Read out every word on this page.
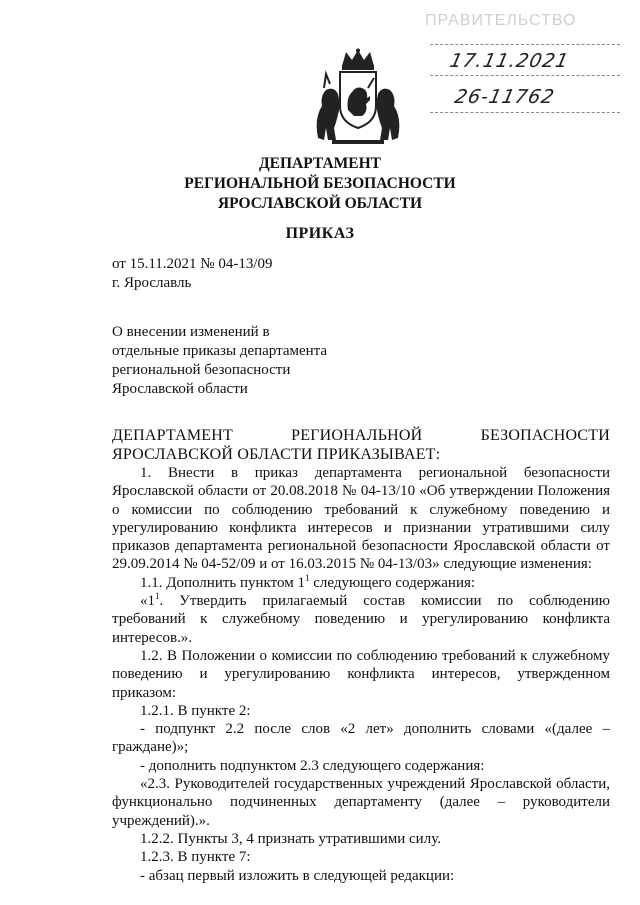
ПРАВИТЕЛЬСТВО
17.11.2021
26-11762
ДЕПАРТАМЕНТ
РЕГИОНАЛЬНОЙ БЕЗОПАСНОСТИ
ЯРОСЛАВСКОЙ ОБЛАСТИ
ПРИКАЗ
от 15.11.2021 № 04-13/09
г. Ярославль
О внесении изменений в
отдельные приказы департамента
региональной безопасности
Ярославской области

ДЕПАРТАМЕНТ РЕГИОНАЛЬНОЙ БЕЗОПАСНОСТИ ЯРОСЛАВСКОЙ ОБЛАСТИ ПРИКАЗЫВАЕТ:

1. Внести в приказ департамента региональной безопасности Ярославской области от 20.08.2018 № 04-13/10 «Об утверждении Положения о комиссии по соблюдению требований к служебному поведению и урегулированию конфликта интересов и признании утратившими силу приказов департамента региональной безопасности Ярославской области от 29.09.2014 № 04-52/09 и от 16.03.2015 № 04-13/03» следующие изменения:

1.1. Дополнить пунктом $1^1$ следующего содержания:

«$1^1$. Утвердить прилагаемый состав комиссии по соблюдению требований к служебному поведению и урегулированию конфликта интересов.».

1.2. В Положении о комиссии по соблюдению требований к служебному поведению и урегулированию конфликта интересов, утвержденном приказом:

1.2.1. В пункте 2:

- подпункт 2.2 после слов «2 лет» дополнить словами «(далее – граждане)»;

- дополнить подпунктом 2.3 следующего содержания:

«2.3. Руководителей государственных учреждений Ярославской области, функционально подчиненных департаменту (далее – руководители учреждений).».

1.2.2. Пункты 3, 4 признать утратившими силу.

1.2.3. В пункте 7:

- абзац первый изложить в следующей редакции:
